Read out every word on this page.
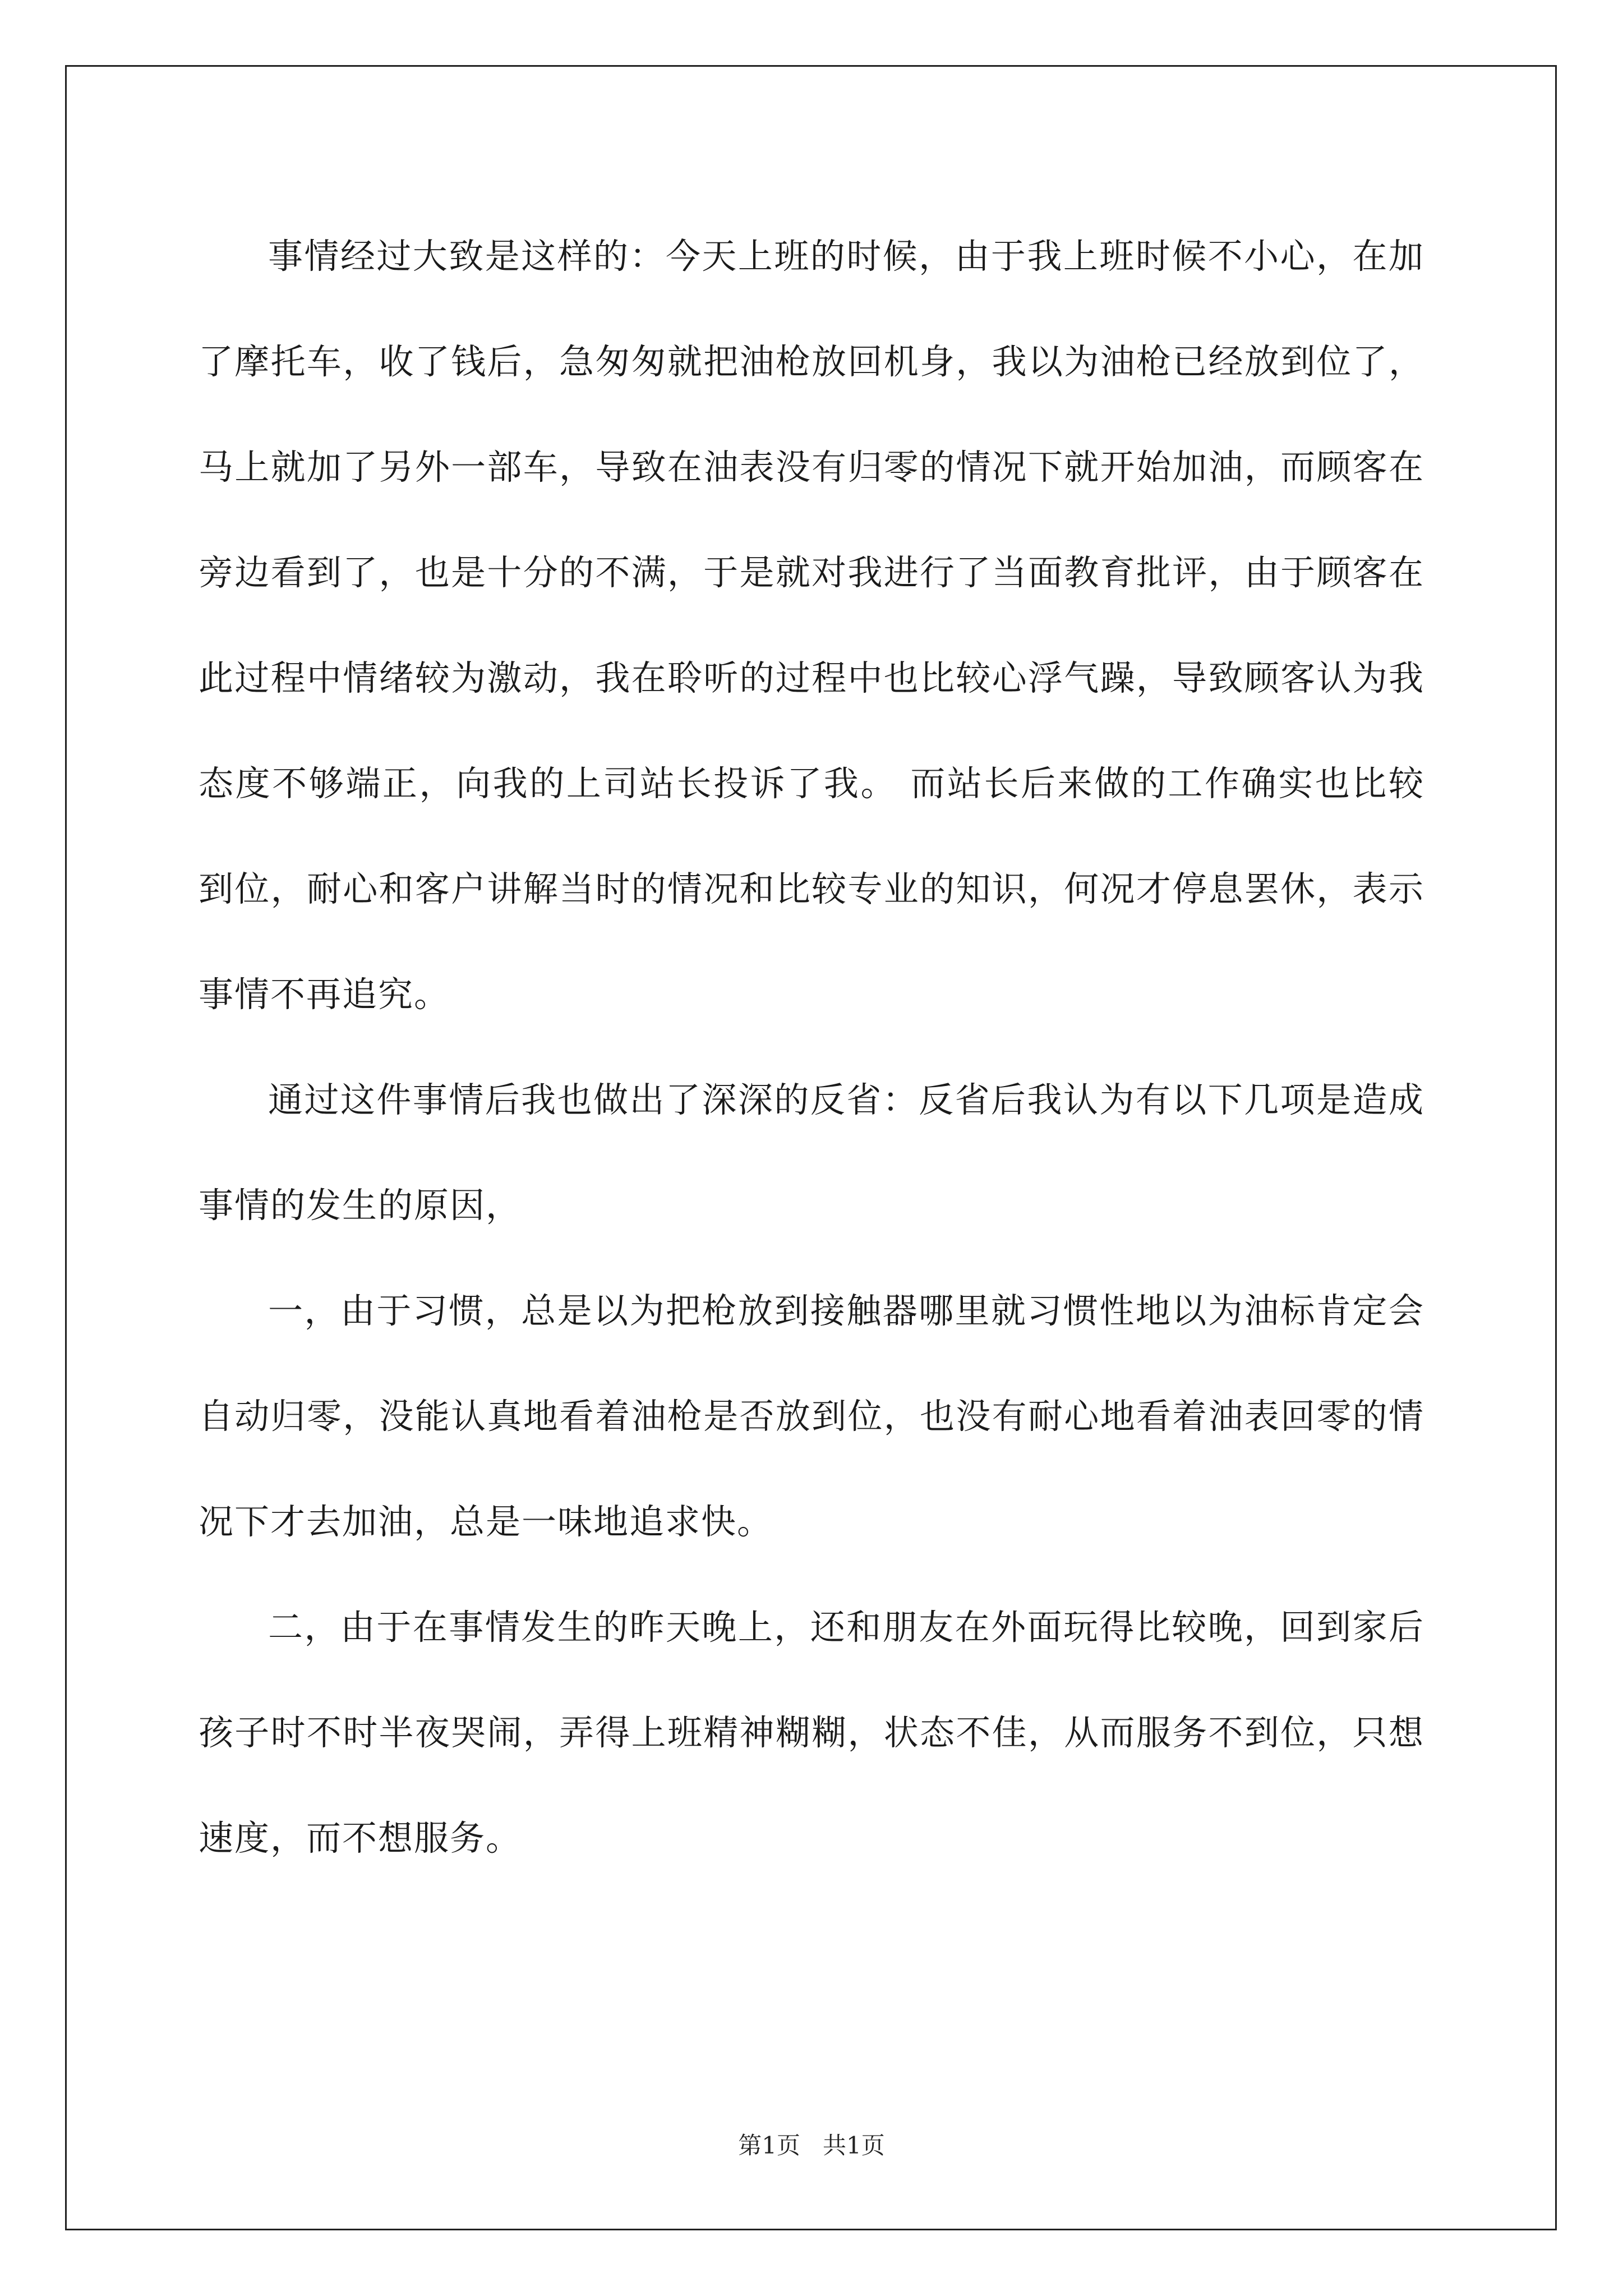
事情经过大致是这样的：今天上班的时候，由于我上班时候不小心，在加了摩托车，收了钱后，急匆匆就把油枪放回机身，我以为油枪已经放到位了，马上就加了另外一部车，导致在油表没有归零的情况下就开始加油，而顾客在旁边看到了，也是十分的不满，于是就对我进行了当面教育批评，由于顾客在此过程中情绪较为激动，我在聆听的过程中也比较心浮气躁，导致顾客认为我态度不够端正，向我的上司站长投诉了我。 而站长后来做的工作确实也比较到位，耐心和客户讲解当时的情况和比较专业的知识，何况才停息罢休，表示事情不再追究。

通过这件事情后我也做出了深深的反省：反省后我认为有以下几项是造成事情的发生的原因，

一，由于习惯，总是以为把枪放到接触器哪里就习惯性地以为油标肯定会自动归零，没能认真地看着油枪是否放到位，也没有耐心地看着油表回零的情况下才去加油，总是一味地追求快。

二，由于在事情发生的昨天晚上，还和朋友在外面玩得比较晚，回到家后孩子时不时半夜哭闹，弄得上班精神糊糊，状态不佳，从而服务不到位，只想速度，而不想服务。

第1页   共1页
